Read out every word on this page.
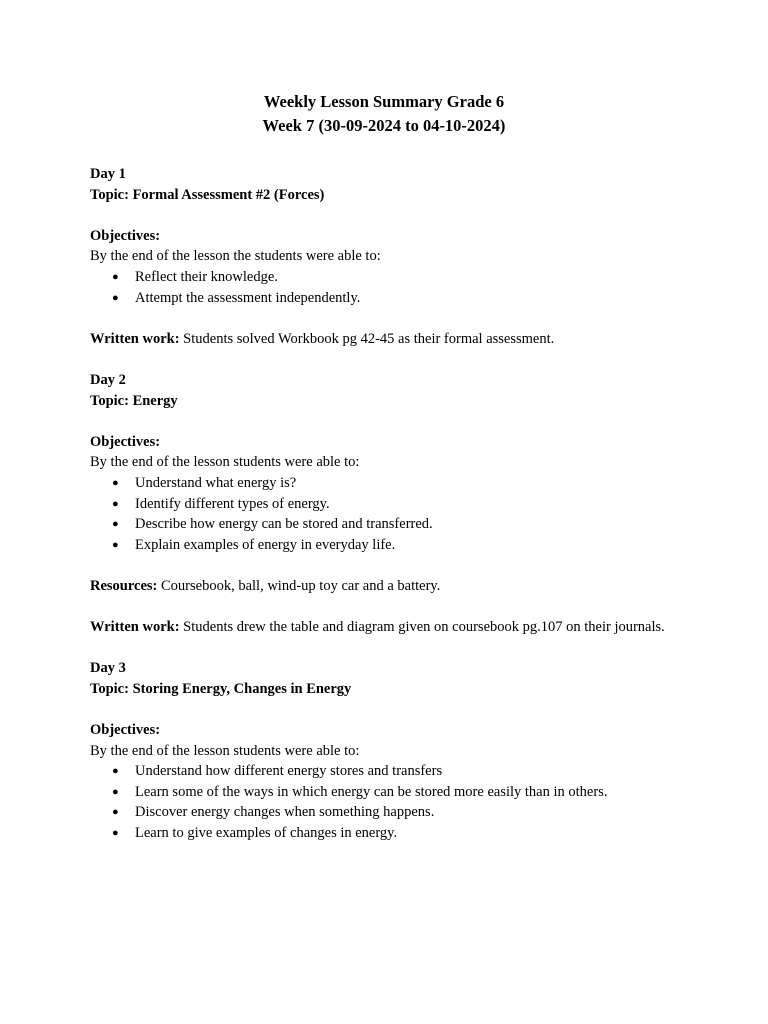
Weekly Lesson Summary Grade 6

Week 7 (30-09-2024 to 04-10-2024)

Day 1

Topic: Formal Assessment #2 (Forces)

Objectives:

By the end of the lesson the students were able to:

● Reflect their knowledge.
● Attempt the assessment independently.

Written work: Students solved Workbook pg 42-45 as their formal assessment.

Day 2

Topic: Energy

Objectives:

By the end of the lesson students were able to:

● Understand what energy is?
● Identify different types of energy.
● Describe how energy can be stored and transferred.
● Explain examples of energy in everyday life.

Resources: Coursebook, ball, wind-up toy car and a battery.

Written work: Students drew the table and diagram given on coursebook pg.107 on their journals.

Day 3

Topic: Storing Energy, Changes in Energy

Objectives:

By the end of the lesson students were able to:

● Understand how different energy stores and transfers
● Learn some of the ways in which energy can be stored more easily than in others.
● Discover energy changes when something happens.
● Learn to give examples of changes in energy.
